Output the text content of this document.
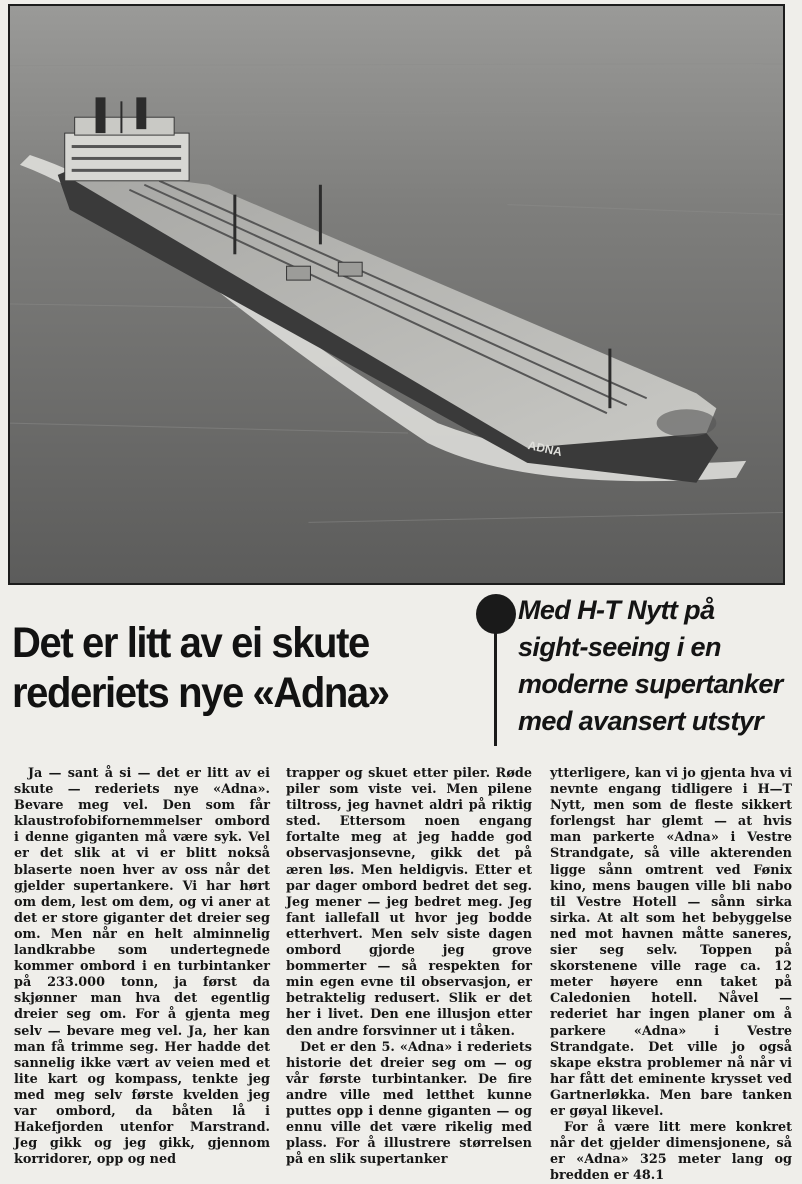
ADNA
Det er litt av ei skute
rederiets nye «Adna»
Med H-T Nytt på
sight-seeing i en
moderne supertanker
med avansert utstyr

Ja — sant å si — det er litt av ei skute — rederiets nye «Adna». Bevare meg vel. Den som får klaustrofobifornemmelser ombord i denne giganten må være syk. Vel er det slik at vi er blitt nokså blaserte noen hver av oss når det gjelder supertankere. Vi har hørt om dem, lest om dem, og vi aner at det er store giganter det dreier seg om. Men når en helt alminnelig landkrabbe som undertegnede kommer ombord i en turbintanker på 233.000 tonn, ja først da skjønner man hva det egentlig dreier seg om. For å gjenta meg selv — bevare meg vel. Ja, her kan man få trimme seg. Her hadde det sannelig ikke vært av veien med et lite kart og kompass, tenkte jeg med meg selv første kvelden jeg var ombord, da båten lå i Hakefjorden utenfor Marstrand. Jeg gikk og jeg gikk, gjennom korridorer, opp og ned

trapper og skuet etter piler. Røde piler som viste vei. Men pilene tiltross, jeg havnet aldri på riktig sted. Ettersom noen engang fortalte meg at jeg hadde god observasjonsevne, gikk det på æren løs. Men heldigvis. Etter et par dager ombord bedret det seg. Jeg mener — jeg bedret meg. Jeg fant iallefall ut hvor jeg bodde etterhvert. Men selv siste dagen ombord gjorde jeg grove bommerter — så respekten for min egen evne til observasjon, er betraktelig redusert. Slik er det her i livet. Den ene illusjon etter den andre forsvinner ut i tåken.

Det er den 5. «Adna» i rederiets historie det dreier seg om — og vår første turbintanker. De fire andre ville med letthet kunne puttes opp i denne giganten — og ennu ville det være rikelig med plass. For å illustrere størrelsen på en slik supertanker

ytterligere, kan vi jo gjenta hva vi nevnte engang tidligere i H—T Nytt, men som de fleste sikkert forlengst har glemt — at hvis man parkerte «Adna» i Vestre Strandgate, så ville akterenden ligge sånn omtrent ved Fønix kino, mens baugen ville bli nabo til Vestre Hotell — sånn sirka sirka. At alt som het bebyggelse ned mot havnen måtte saneres, sier seg selv. Toppen på skorstenene ville rage ca. 12 meter høyere enn taket på Caledonien hotell. Nåvel — rederiet har ingen planer om å parkere «Adna» i Vestre Strandgate. Det ville jo også skape ekstra problemer nå når vi har fått det eminente krysset ved Gartnerløkka. Men bare tanken er gøyal likevel.

For å være litt mere konkret når det gjelder dimensjonene, så er «Adna» 325 meter lang og bredden er 48.1
